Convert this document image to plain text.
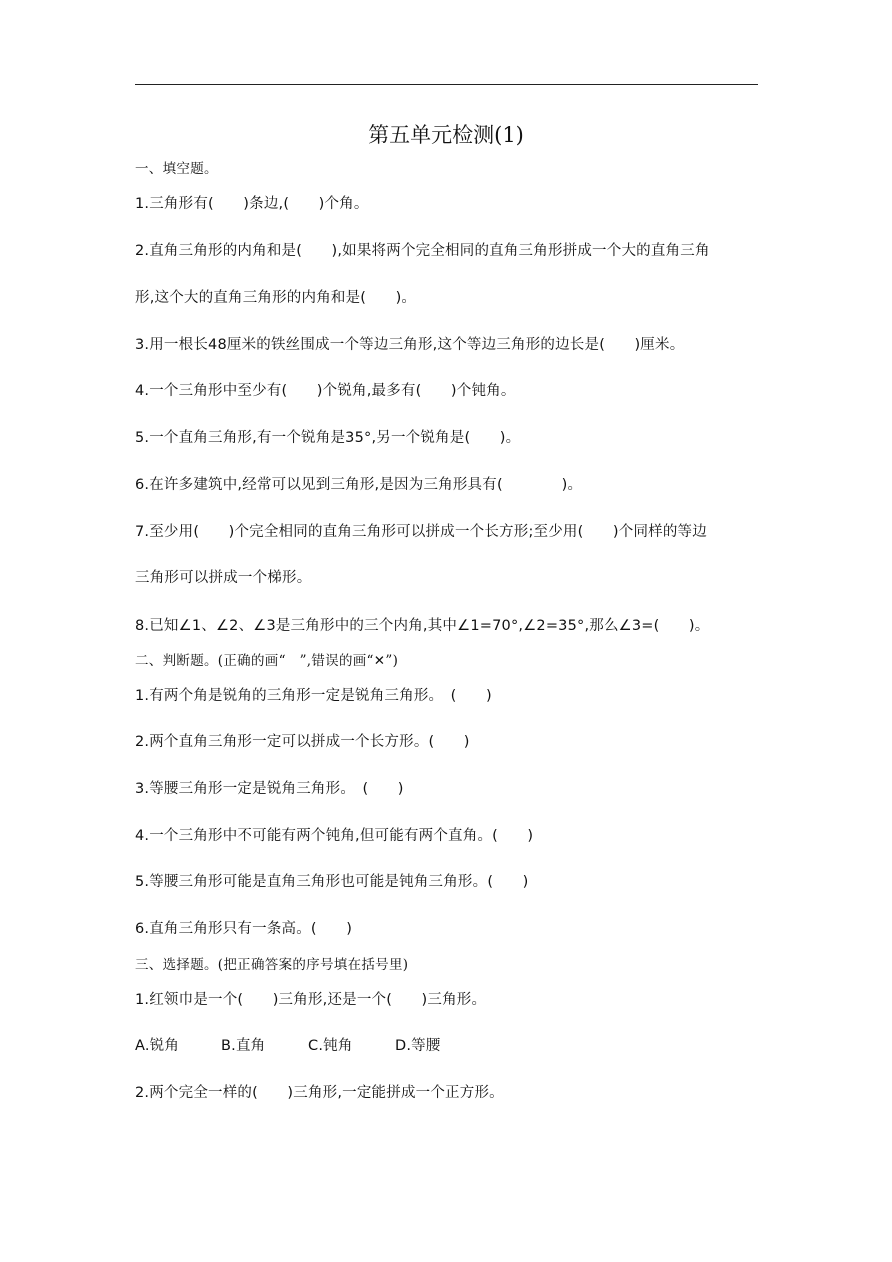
第五单元检测(1)
一、填空题。
1.三角形有(　　)条边,(　　)个角。
2.直角三角形的内角和是(　　),如果将两个完全相同的直角三角形拼成一个大的直角三角
形,这个大的直角三角形的内角和是(　　)。
3.用一根长48厘米的铁丝围成一个等边三角形,这个等边三角形的边长是(　　)厘米。
4.一个三角形中至少有(　　)个锐角,最多有(　　)个钝角。
5.一个直角三角形,有一个锐角是35°,另一个锐角是(　　)。
6.在许多建筑中,经常可以见到三角形,是因为三角形具有(　　　　)。
7.至少用(　　)个完全相同的直角三角形可以拼成一个长方形;至少用(　　)个同样的等边
三角形可以拼成一个梯形。
8.已知∠1、∠2、∠3是三角形中的三个内角,其中∠1=70°,∠2=35°,那么∠3=(　　)。
二、判断题。(正确的画“　”,错误的画“✕”)
1.有两个角是锐角的三角形一定是锐角三角形。　(　　)
2.两个直角三角形一定可以拼成一个长方形。(　　)
3.等腰三角形一定是锐角三角形。　(　　)
4.一个三角形中不可能有两个钝角,但可能有两个直角。(　　)
5.等腰三角形可能是直角三角形也可能是钝角三角形。(　　)
6.直角三角形只有一条高。(　　)
三、选择题。(把正确答案的序号填在括号里)
1.红领巾是一个(　　)三角形,还是一个(　　)三角形。
A.锐角	B.直角	C.钝角	D.等腰
2.两个完全一样的(　　)三角形,一定能拼成一个正方形。
